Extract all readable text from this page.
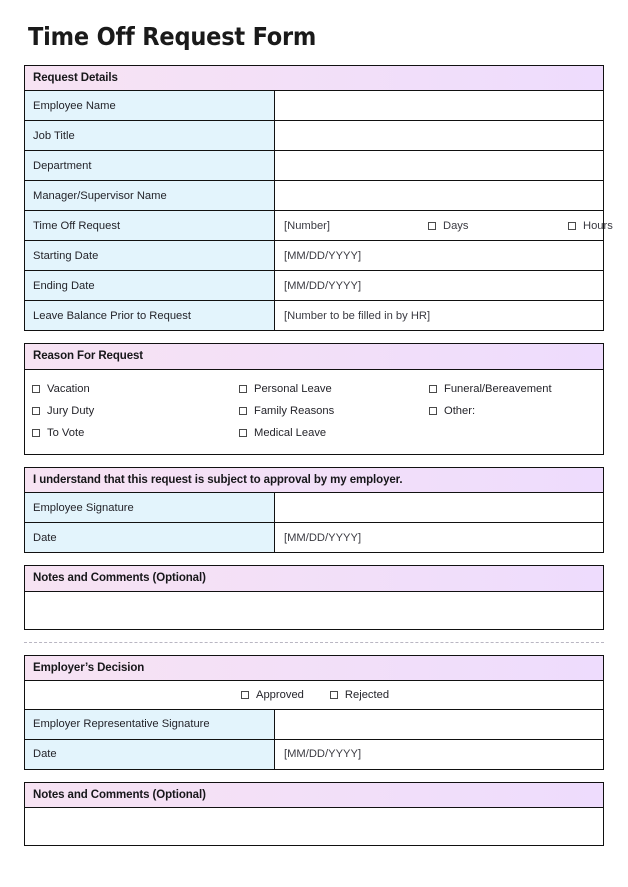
Time Off Request Form
Request Details
Employee Name
Job Title
Department
Manager/Supervisor Name
Time Off Request	[Number]	Days	Hours
Starting Date	[MM/DD/YYYY]
Ending Date	[MM/DD/YYYY]
Leave Balance Prior to Request	[Number to be filled in by HR]
Reason For Request
Vacation	Personal Leave	Funeral/Bereavement
Jury Duty	Family Reasons	Other:
To Vote	Medical Leave
I understand that this request is subject to approval by my employer.
Employee Signature
Date	[MM/DD/YYYY]
Notes and Comments (Optional)
Employer’s Decision
Approved	Rejected
Employer Representative Signature
Date	[MM/DD/YYYY]
Notes and Comments (Optional)
